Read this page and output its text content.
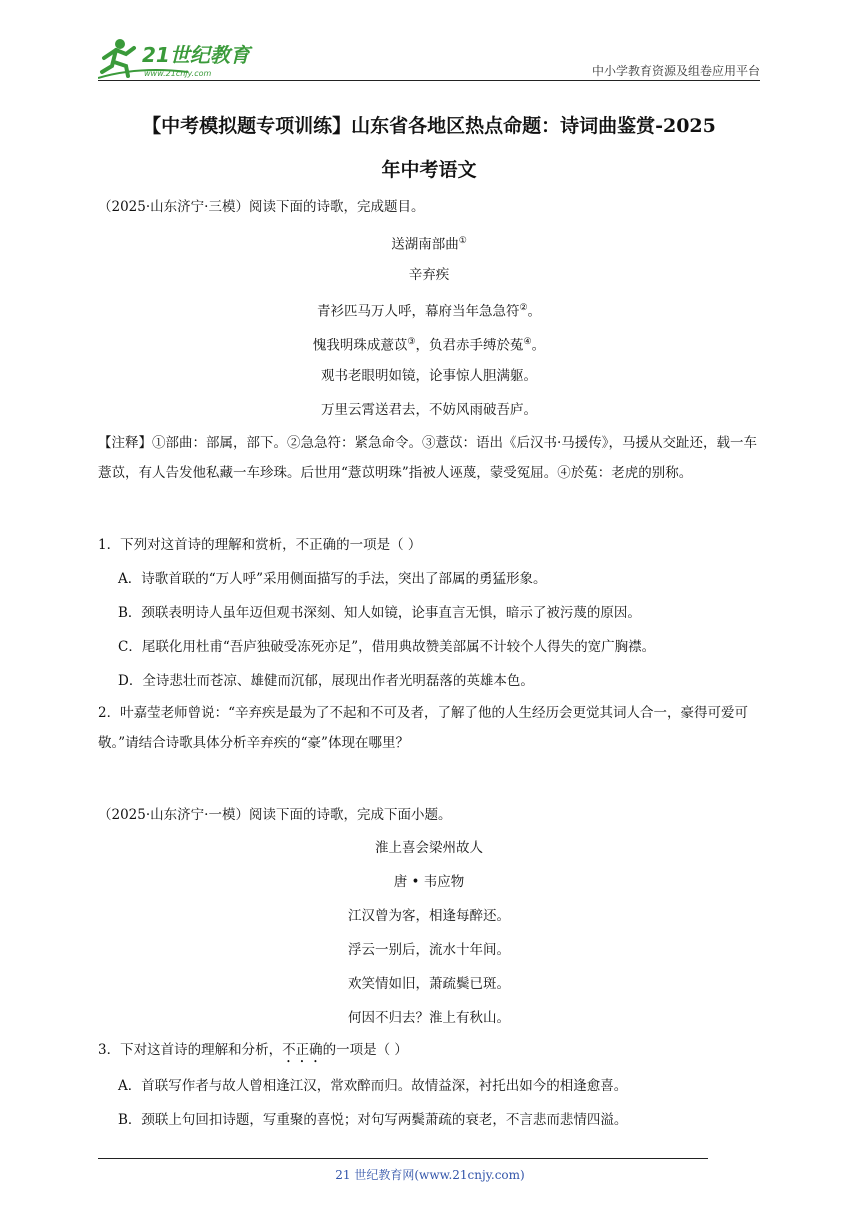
21世纪教育
www.21cnjy.com	中小学教育资源及组卷应用平台
【中考模拟题专项训练】山东省各地区热点命题：诗词曲鉴赏-2025
年中考语文
（2025·山东济宁·三模）阅读下面的诗歌，完成题目。
送湖南部曲①
辛弃疾
青衫匹马万人呼，幕府当年急急符②。
愧我明珠成薏苡③，负君赤手缚於菟④。
观书老眼明如镜，论事惊人胆满躯。
万里云霄送君去，不妨风雨破吾庐。
【注释】①部曲：部属，部下。②急急符：紧急命令。③薏苡：语出《后汉书·马援传》，马援从交趾还，载一车薏苡，有人告发他私藏一车珍珠。后世用“薏苡明珠”指被人诬蔑，蒙受冤屈。④於菟：老虎的别称。
1．下列对这首诗的理解和赏析，不正确的一项是（ ）
A．诗歌首联的“万人呼”采用侧面描写的手法，突出了部属的勇猛形象。
B．颈联表明诗人虽年迈但观书深刻、知人如镜，论事直言无惧，暗示了被污蔑的原因。
C．尾联化用杜甫“吾庐独破受冻死亦足”，借用典故赞美部属不计较个人得失的宽广胸襟。
D．全诗悲壮而苍凉、雄健而沉郁，展现出作者光明磊落的英雄本色。
2．叶嘉莹老师曾说：“辛弃疾是最为了不起和不可及者，了解了他的人生经历会更觉其词人合一，豪得可爱可敬。”请结合诗歌具体分析辛弃疾的“豪”体现在哪里？
（2025·山东济宁·一模）阅读下面的诗歌，完成下面小题。
淮上喜会梁州故人
唐 • 韦应物
江汉曾为客，相逢每醉还。
浮云一别后，流水十年间。
欢笑情如旧，萧疏鬓已斑。
何因不归去？淮上有秋山。
3．下对这首诗的理解和分析，不正确的一项是（ ）
A．首联写作者与故人曾相逢江汉，常欢醉而归。故情益深，衬托出如今的相逢愈喜。
B．颈联上句回扣诗题，写重聚的喜悦；对句写两鬓萧疏的衰老，不言悲而悲情四溢。
21 世纪教育网(www.21cnjy.com)
